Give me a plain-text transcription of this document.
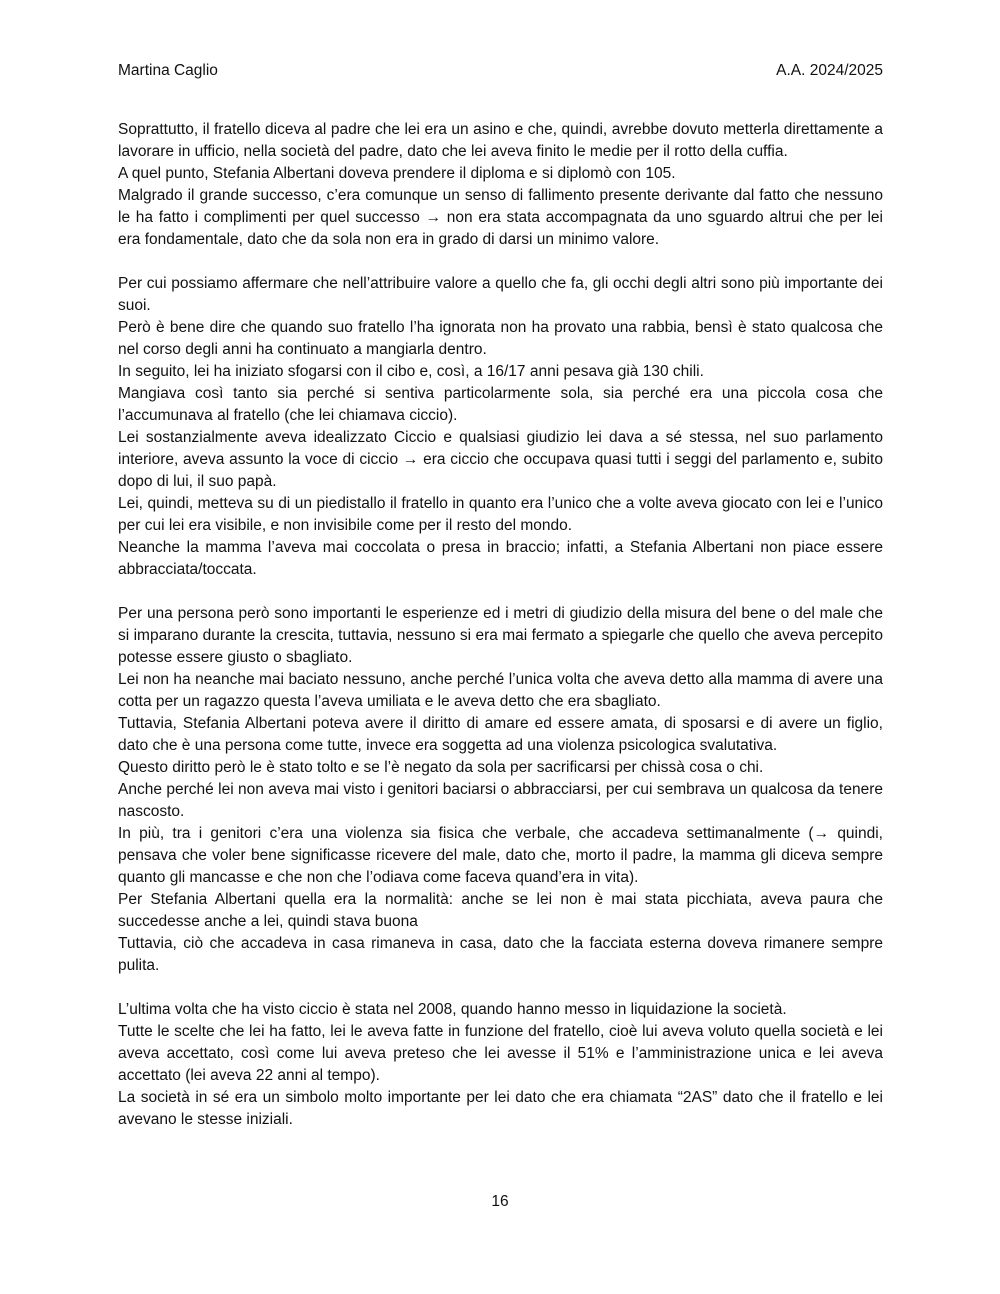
Martina Caglio	A.A. 2024/2025

Soprattutto, il fratello diceva al padre che lei era un asino e che, quindi, avrebbe dovuto metterla direttamente a lavorare in ufficio, nella società del padre, dato che lei aveva finito le medie per il rotto della cuffia.

A quel punto, Stefania Albertani doveva prendere il diploma e si diplomò con 105.

Malgrado il grande successo, c’era comunque un senso di fallimento presente derivante dal fatto che nessuno le ha fatto i complimenti per quel successo → non era stata accompagnata da uno sguardo altrui che per lei era fondamentale, dato che da sola non era in grado di darsi un minimo valore.

Per cui possiamo affermare che nell’attribuire valore a quello che fa, gli occhi degli altri sono più importante dei suoi.

Però è bene dire che quando suo fratello l’ha ignorata non ha provato una rabbia, bensì è stato qualcosa che nel corso degli anni ha continuato a mangiarla dentro.

In seguito, lei ha iniziato sfogarsi con il cibo e, così, a 16/17 anni pesava già 130 chili.

Mangiava così tanto sia perché si sentiva particolarmente sola, sia perché era una piccola cosa che l’accumunava al fratello (che lei chiamava ciccio).

Lei sostanzialmente aveva idealizzato Ciccio e qualsiasi giudizio lei dava a sé stessa, nel suo parlamento interiore, aveva assunto la voce di ciccio → era ciccio che occupava quasi tutti i seggi del parlamento e, subito dopo di lui, il suo papà.

Lei, quindi, metteva su di un piedistallo il fratello in quanto era l’unico che a volte aveva giocato con lei e l’unico per cui lei era visibile, e non invisibile come per il resto del mondo.

Neanche la mamma l’aveva mai coccolata o presa in braccio; infatti, a Stefania Albertani non piace essere abbracciata/toccata.

Per una persona però sono importanti le esperienze ed i metri di giudizio della misura del bene o del male che si imparano durante la crescita, tuttavia, nessuno si era mai fermato a spiegarle che quello che aveva percepito potesse essere giusto o sbagliato.

Lei non ha neanche mai baciato nessuno, anche perché l’unica volta che aveva detto alla mamma di avere una cotta per un ragazzo questa l’aveva umiliata e le aveva detto che era sbagliato.

Tuttavia, Stefania Albertani poteva avere il diritto di amare ed essere amata, di sposarsi e di avere un figlio, dato che è una persona come tutte, invece era soggetta ad una violenza psicologica svalutativa.

Questo diritto però le è stato tolto e se l’è negato da sola per sacrificarsi per chissà cosa o chi.

Anche perché lei non aveva mai visto i genitori baciarsi o abbracciarsi, per cui sembrava un qualcosa da tenere nascosto.

In più, tra i genitori c’era una violenza sia fisica che verbale, che accadeva settimanalmente (→ quindi, pensava che voler bene significasse ricevere del male, dato che, morto il padre, la mamma gli diceva sempre quanto gli mancasse e che non che l’odiava come faceva quand’era in vita).

Per Stefania Albertani quella era la normalità: anche se lei non è mai stata picchiata, aveva paura che succedesse anche a lei, quindi stava buona

Tuttavia, ciò che accadeva in casa rimaneva in casa, dato che la facciata esterna doveva rimanere sempre pulita.

L’ultima volta che ha visto ciccio è stata nel 2008, quando hanno messo in liquidazione la società.

Tutte le scelte che lei ha fatto, lei le aveva fatte in funzione del fratello, cioè lui aveva voluto quella società e lei aveva accettato, così come lui aveva preteso che lei avesse il 51% e l’amministrazione unica e lei aveva accettato (lei aveva 22 anni al tempo).

La società in sé era un simbolo molto importante per lei dato che era chiamata “2AS” dato che il fratello e lei avevano le stesse iniziali.

16
